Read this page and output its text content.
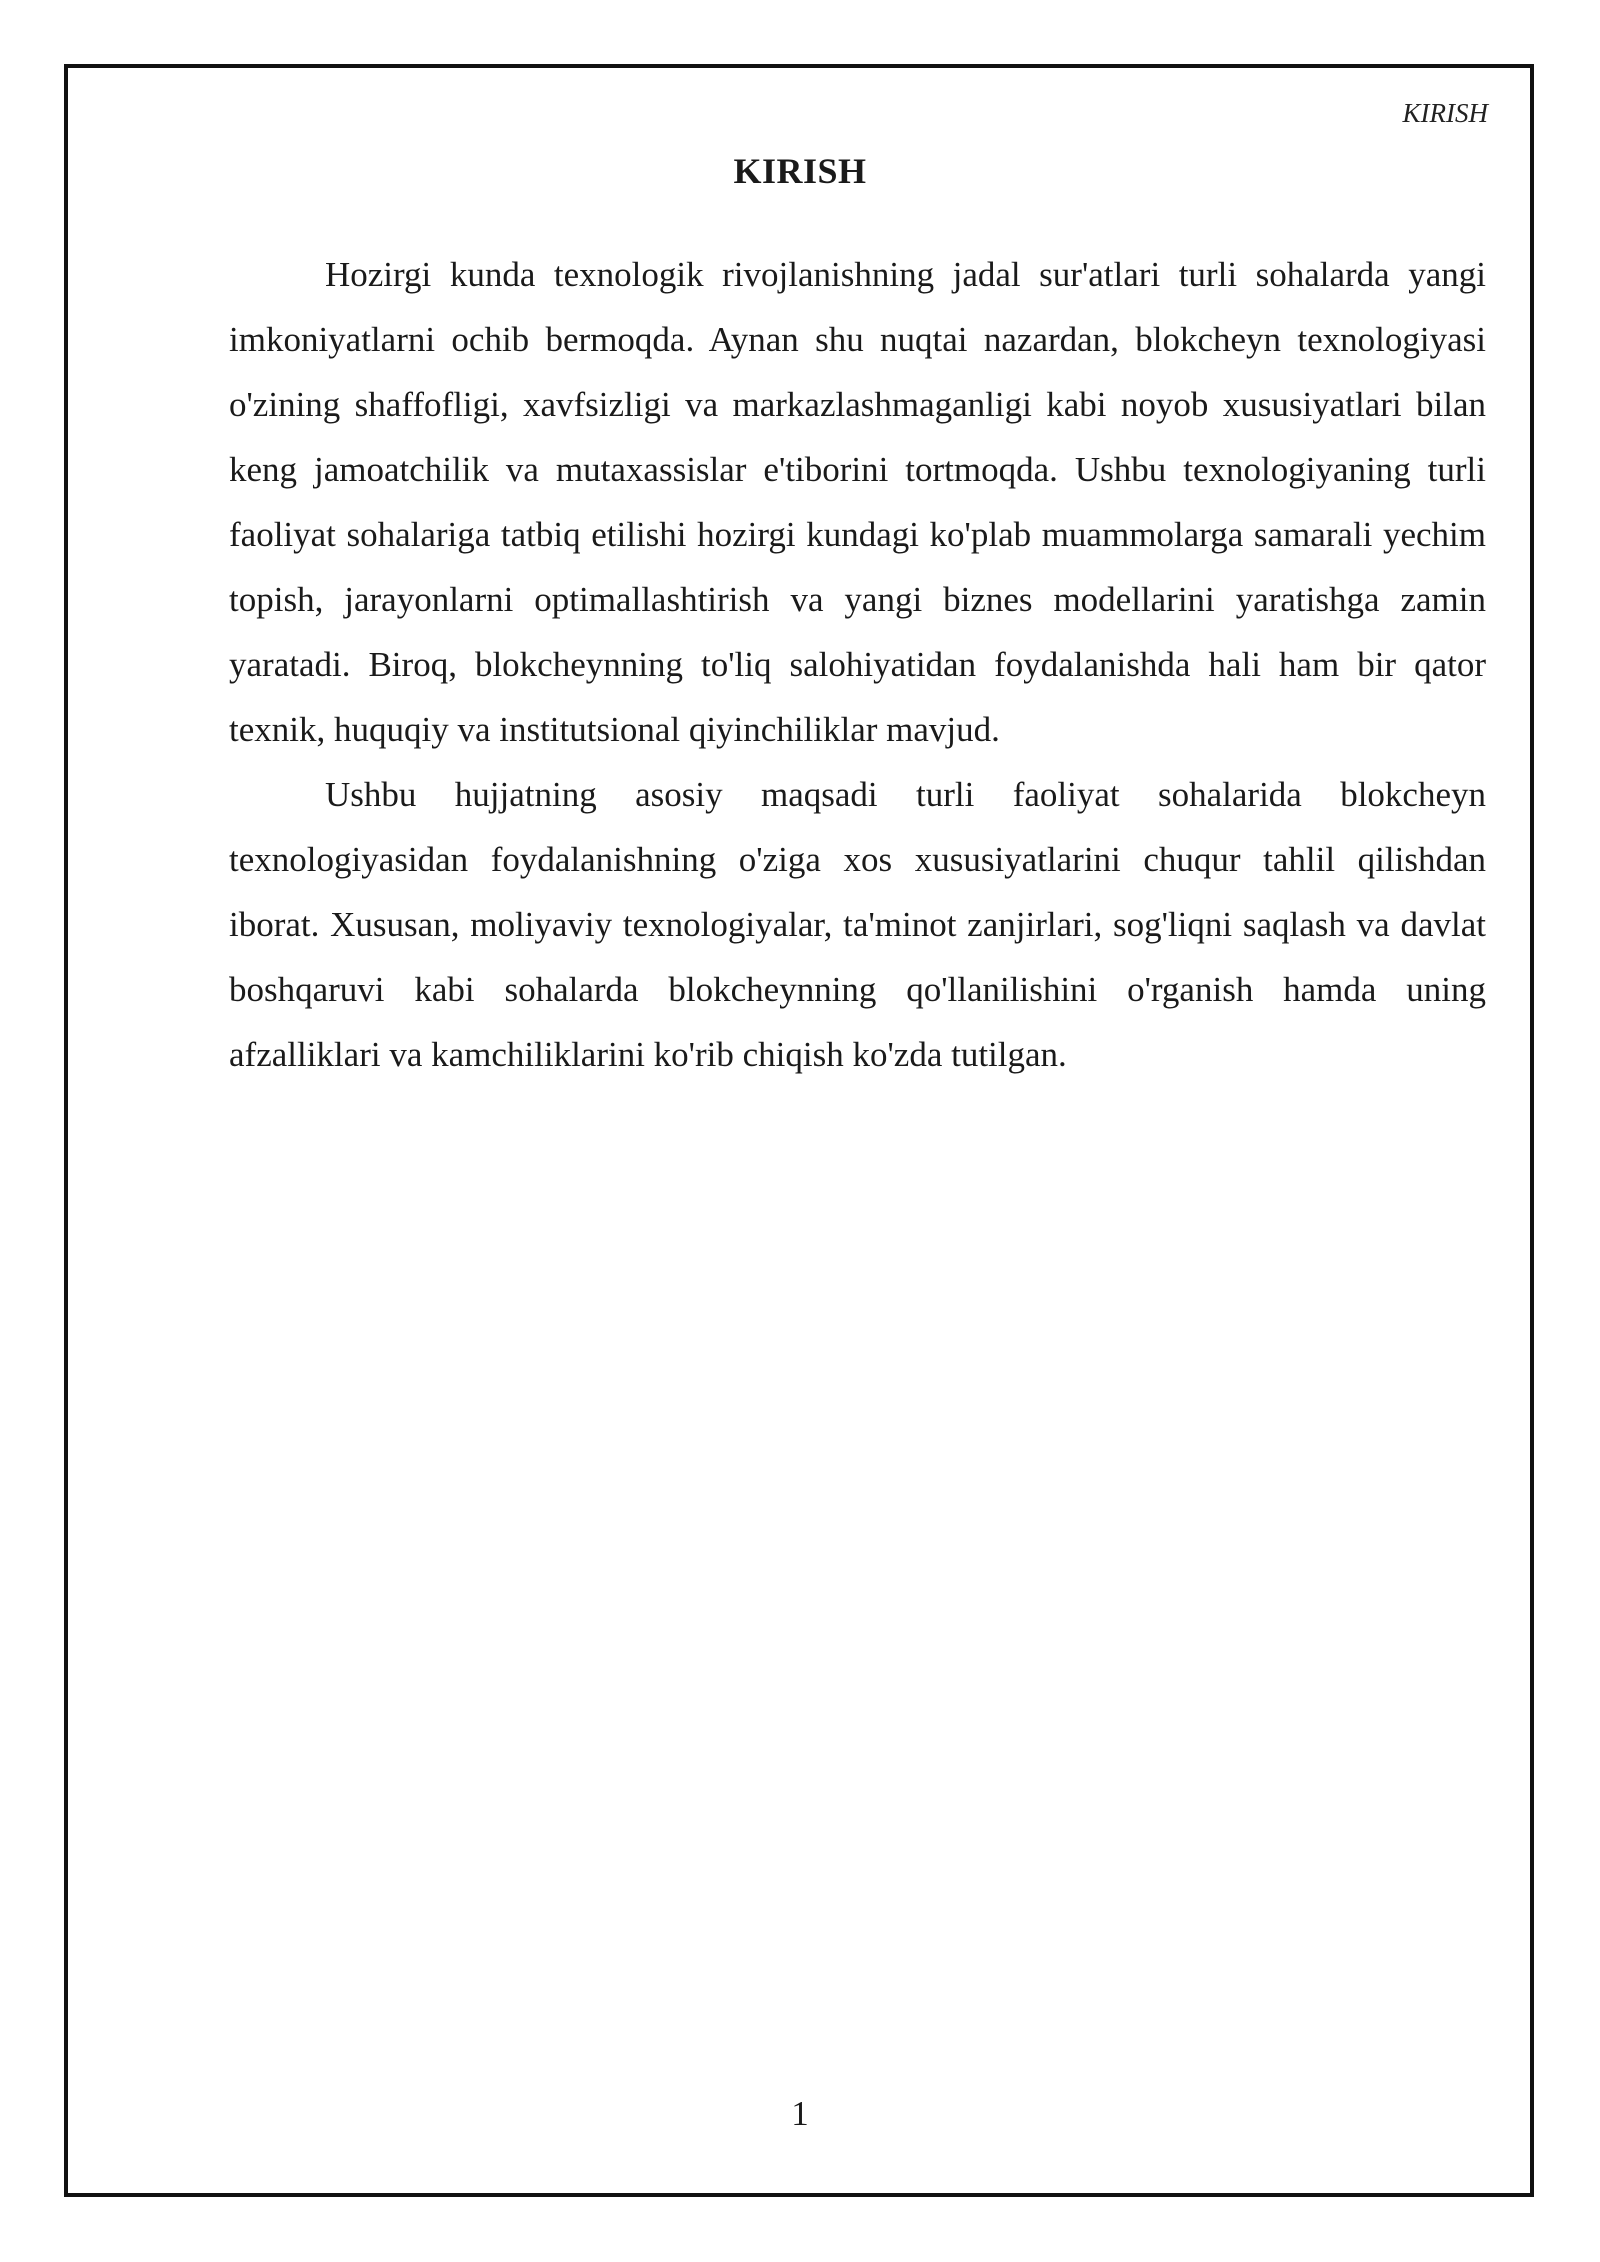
KIRISH
KIRISH

Hozirgi kunda texnologik rivojlanishning jadal sur'atlari turli sohalarda yangi imkoniyatlarni ochib bermoqda. Aynan shu nuqtai nazardan, blokcheyn texnologiyasi o'zining shaffofligi, xavfsizligi va markazlashmaganligi kabi noyob xususiyatlari bilan keng jamoatchilik va mutaxassislar e'tiborini tortmoqda. Ushbu texnologiyaning turli faoliyat sohalariga tatbiq etilishi hozirgi kundagi ko'plab muammolarga samarali yechim topish, jarayonlarni optimallashtirish va yangi biznes modellarini yaratishga zamin yaratadi. Biroq, blokcheynning to'liq salohiyatidan foydalanishda hali ham bir qator texnik, huquqiy va institutsional qiyinchiliklar mavjud.

Ushbu hujjatning asosiy maqsadi turli faoliyat sohalarida blokcheyn texnologiyasidan foydalanishning o'ziga xos xususiyatlarini chuqur tahlil qilishdan iborat. Xususan, moliyaviy texnologiyalar, ta'minot zanjirlari, sog'liqni saqlash va davlat boshqaruvi kabi sohalarda blokcheynning qo'llanilishini o'rganish hamda uning afzalliklari va kamchiliklarini ko'rib chiqish ko'zda tutilgan.

1
